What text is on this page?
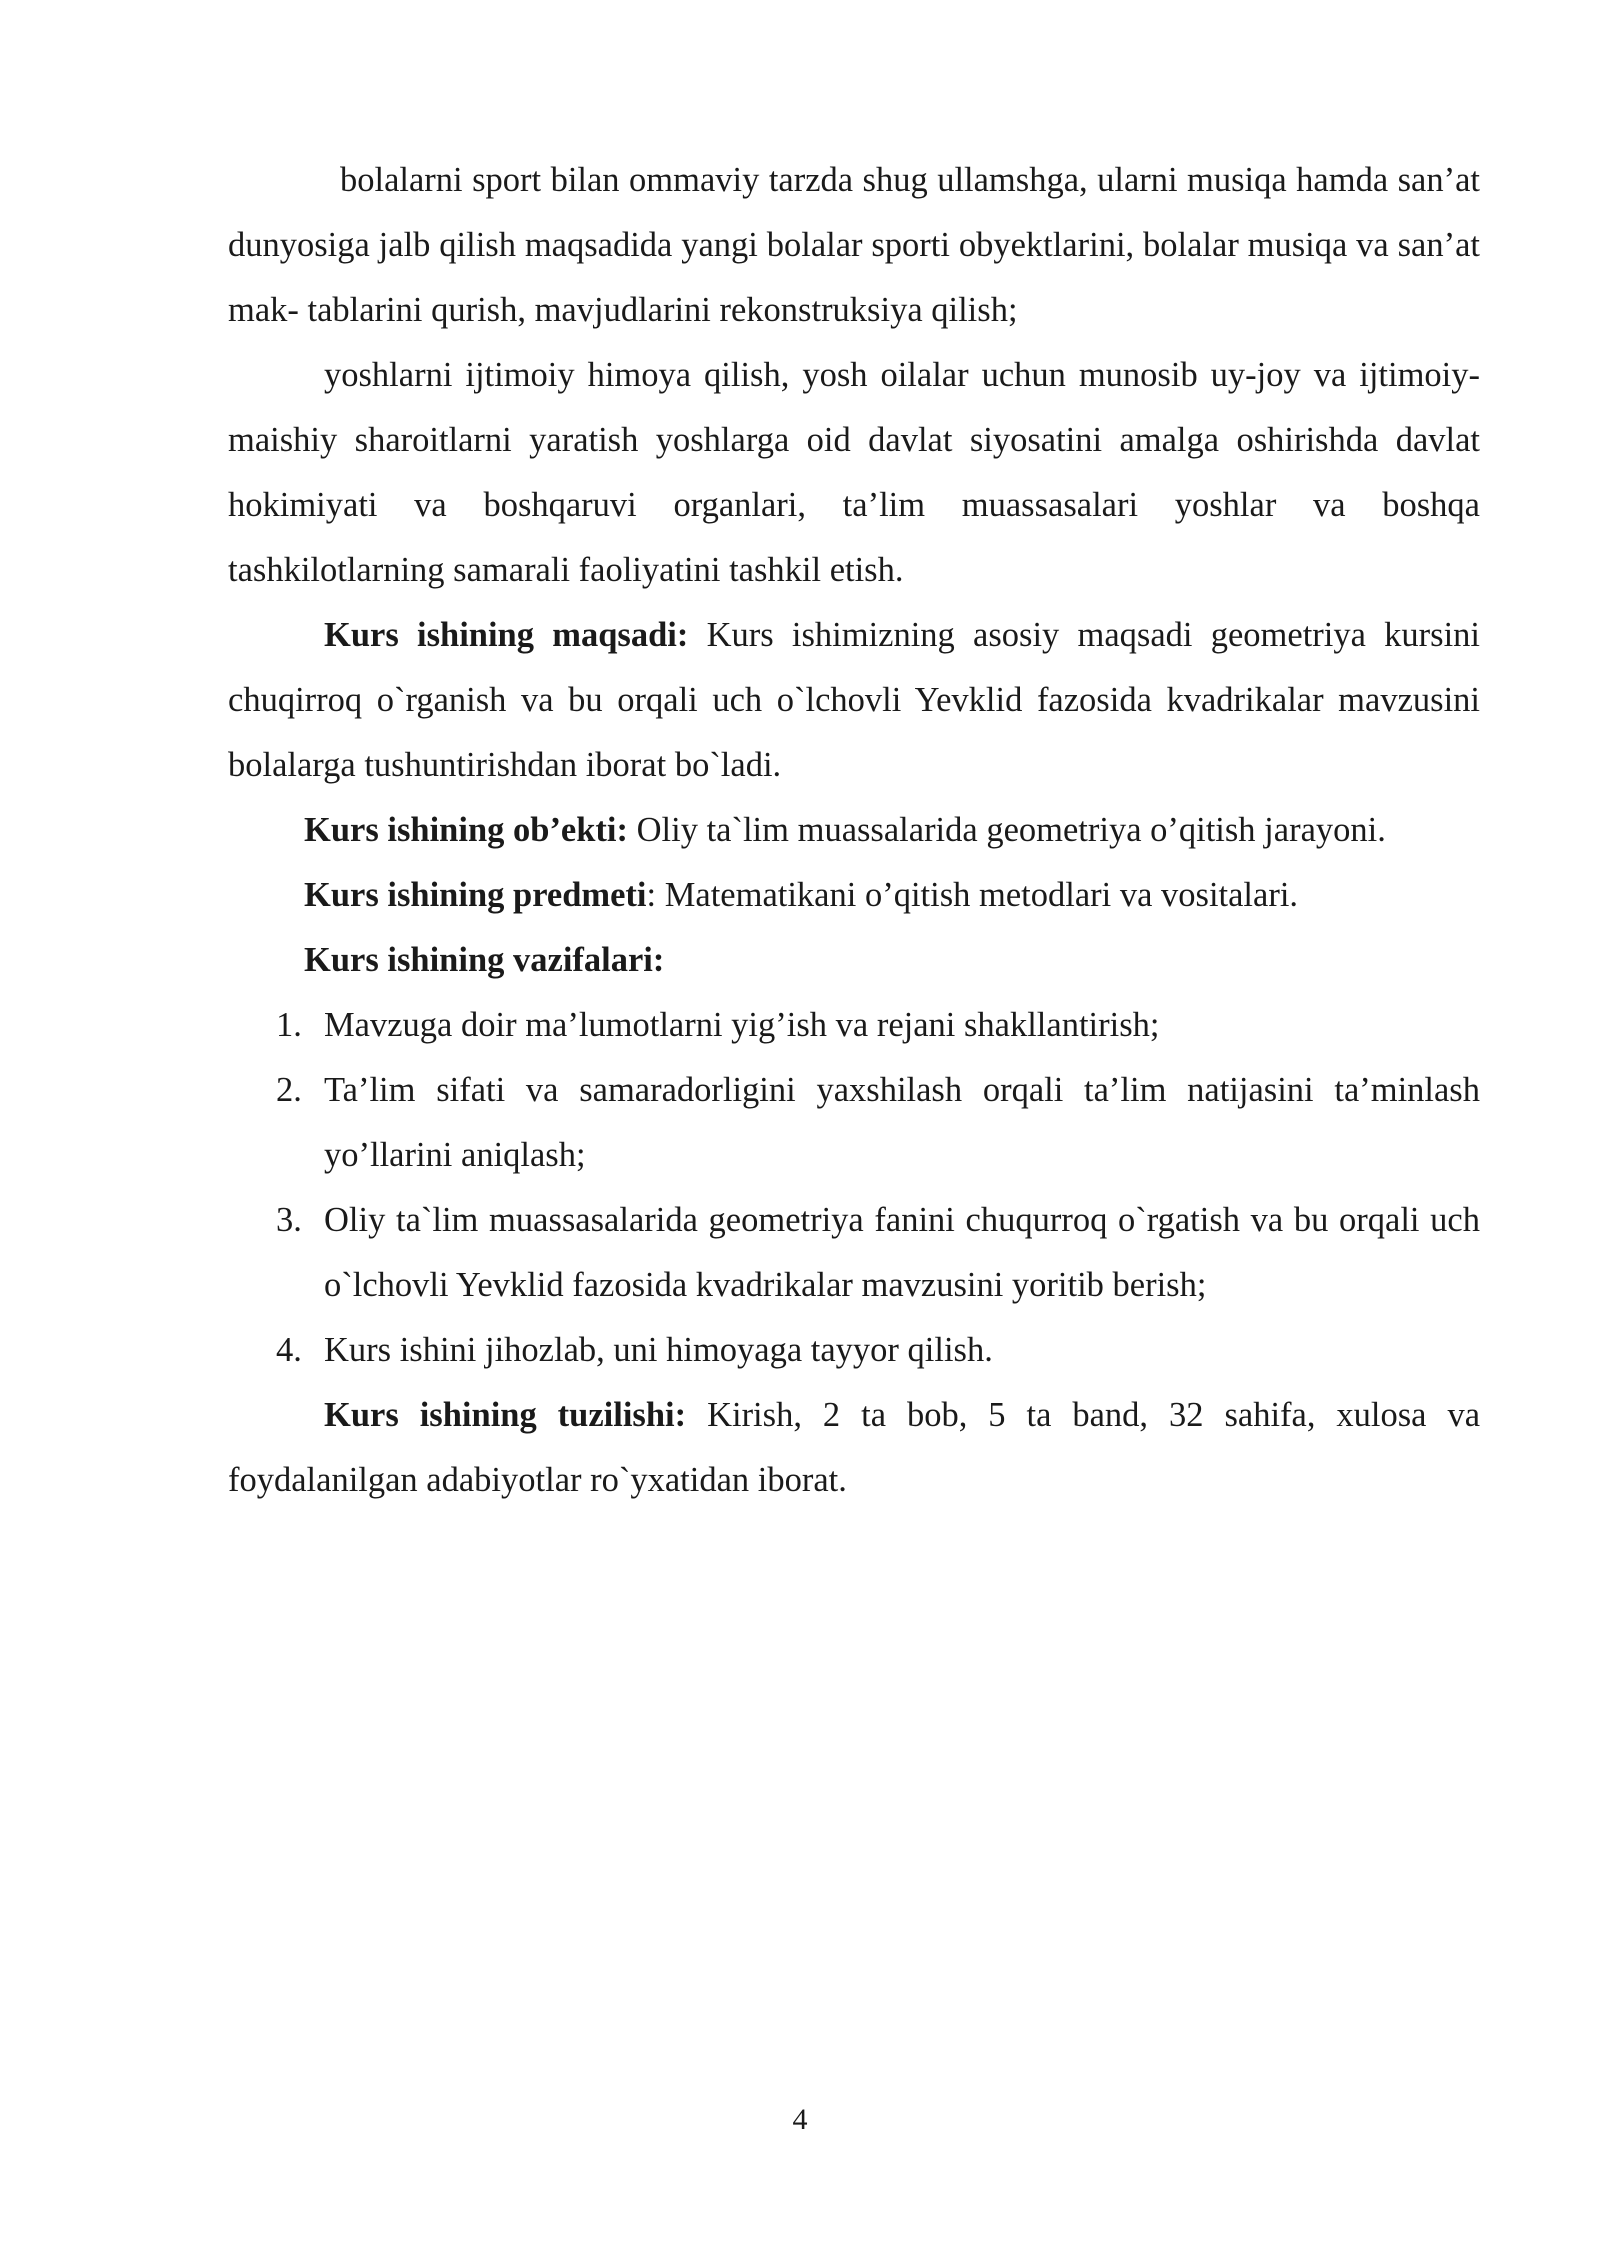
bolalarni sport bilan ommaviy tarzda shug ullamshga, ularni musiqa hamda san’at dunyosiga jalb qilish maqsadida yangi bolalar sporti obyektlarini, bolalar musiqa va san’at mak- tablarini qurish, mavjudlarini rekonstruksiya qilish;

yoshlarni ijtimoiy himoya qilish, yosh oilalar uchun munosib uy-joy va ijtimoiy-maishiy sharoitlarni yaratish yoshlarga oid davlat siyosatini amalga oshirishda davlat hokimiyati va boshqaruvi organlari, ta’lim muassasalari yoshlar va boshqa tashkilotlarning samarali faoliyatini tashkil etish.

Kurs ishining maqsadi: Kurs ishimizning asosiy maqsadi geometriya kursini chuqirroq o`rganish va bu orqali uch o`lchovli Yevklid fazosida kvadrikalar mavzusini bolalarga tushuntirishdan iborat bo`ladi.

Kurs ishining ob’ekti: Oliy ta`lim muassalarida geometriya o’qitish jarayoni.

Kurs ishining predmeti: Matematikani o’qitish metodlari va vositalari.

Kurs ishining vazifalari:

1. Mavzuga doir ma’lumotlarni yig’ish va rejani shakllantirish;
2. Ta’lim sifati va samaradorligini yaxshilash orqali ta’lim natijasini ta’minlash yo’llarini aniqlash;
3. Oliy ta`lim muassasalarida geometriya fanini chuqurroq o`rgatish va bu orqali uch o`lchovli Yevklid fazosida kvadrikalar mavzusini yoritib berish;
4. Kurs ishini jihozlab, uni himoyaga tayyor qilish.

Kurs ishining tuzilishi: Kirish, 2 ta bob, 5 ta band, 32 sahifa, xulosa va foydalanilgan adabiyotlar ro`yxatidan iborat.

4
